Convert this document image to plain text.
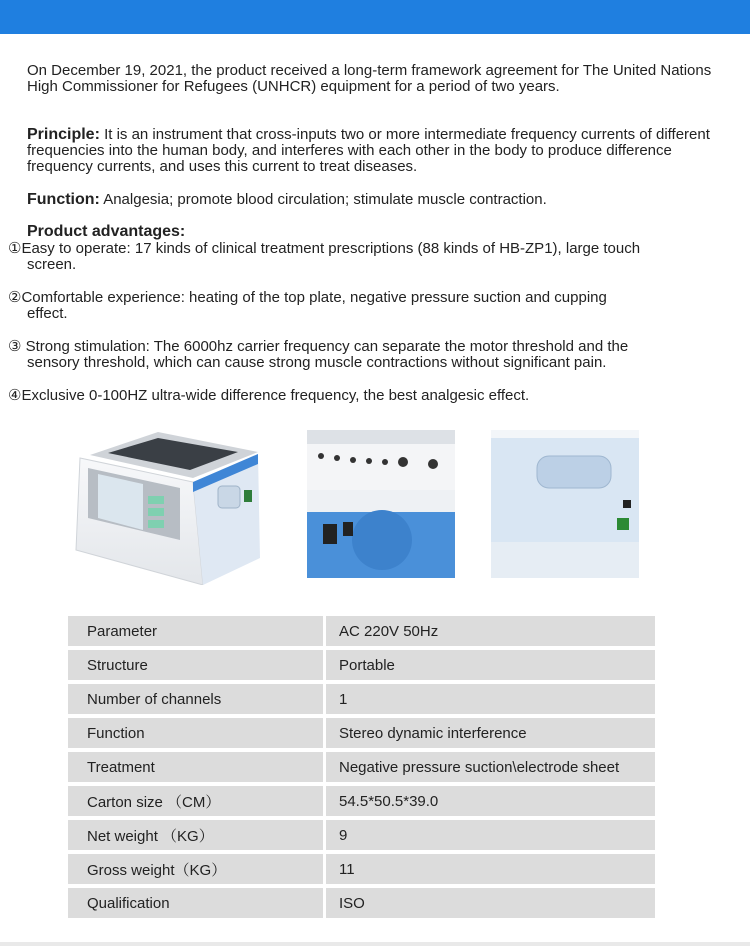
On December 19, 2021, the product received a long-term framework agreement for The United Nations High Commissioner for Refugees (UNHCR) equipment for a period of two years.
Principle: It is an instrument that cross-inputs two or more intermediate frequency currents of different frequencies into the human body, and interferes with each other in the body to produce difference frequency currents, and uses this current to treat diseases.
Function: Analgesia; promote blood circulation; stimulate muscle contraction.
Product advantages:
①Easy to operate: 17 kinds of clinical treatment prescriptions (88 kinds of HB-ZP1), large touch
screen.
②Comfortable experience: heating of the top plate, negative pressure suction and cupping
effect.
③ Strong stimulation: The 6000hz carrier frequency can separate the motor threshold and the
sensory threshold, which can cause strong muscle contractions without significant pain.
④Exclusive 0-100HZ ultra-wide difference frequency, the best analgesic effect.
Parameter	AC 220V 50Hz
Structure	Portable
Number of channels	1
Function	Stereo dynamic interference
Treatment	Negative pressure suction\electrode sheet
Carton size （CM）	54.5*50.5*39.0
Net weight （KG）	9
Gross weight（KG）	11
Qualification	ISO
